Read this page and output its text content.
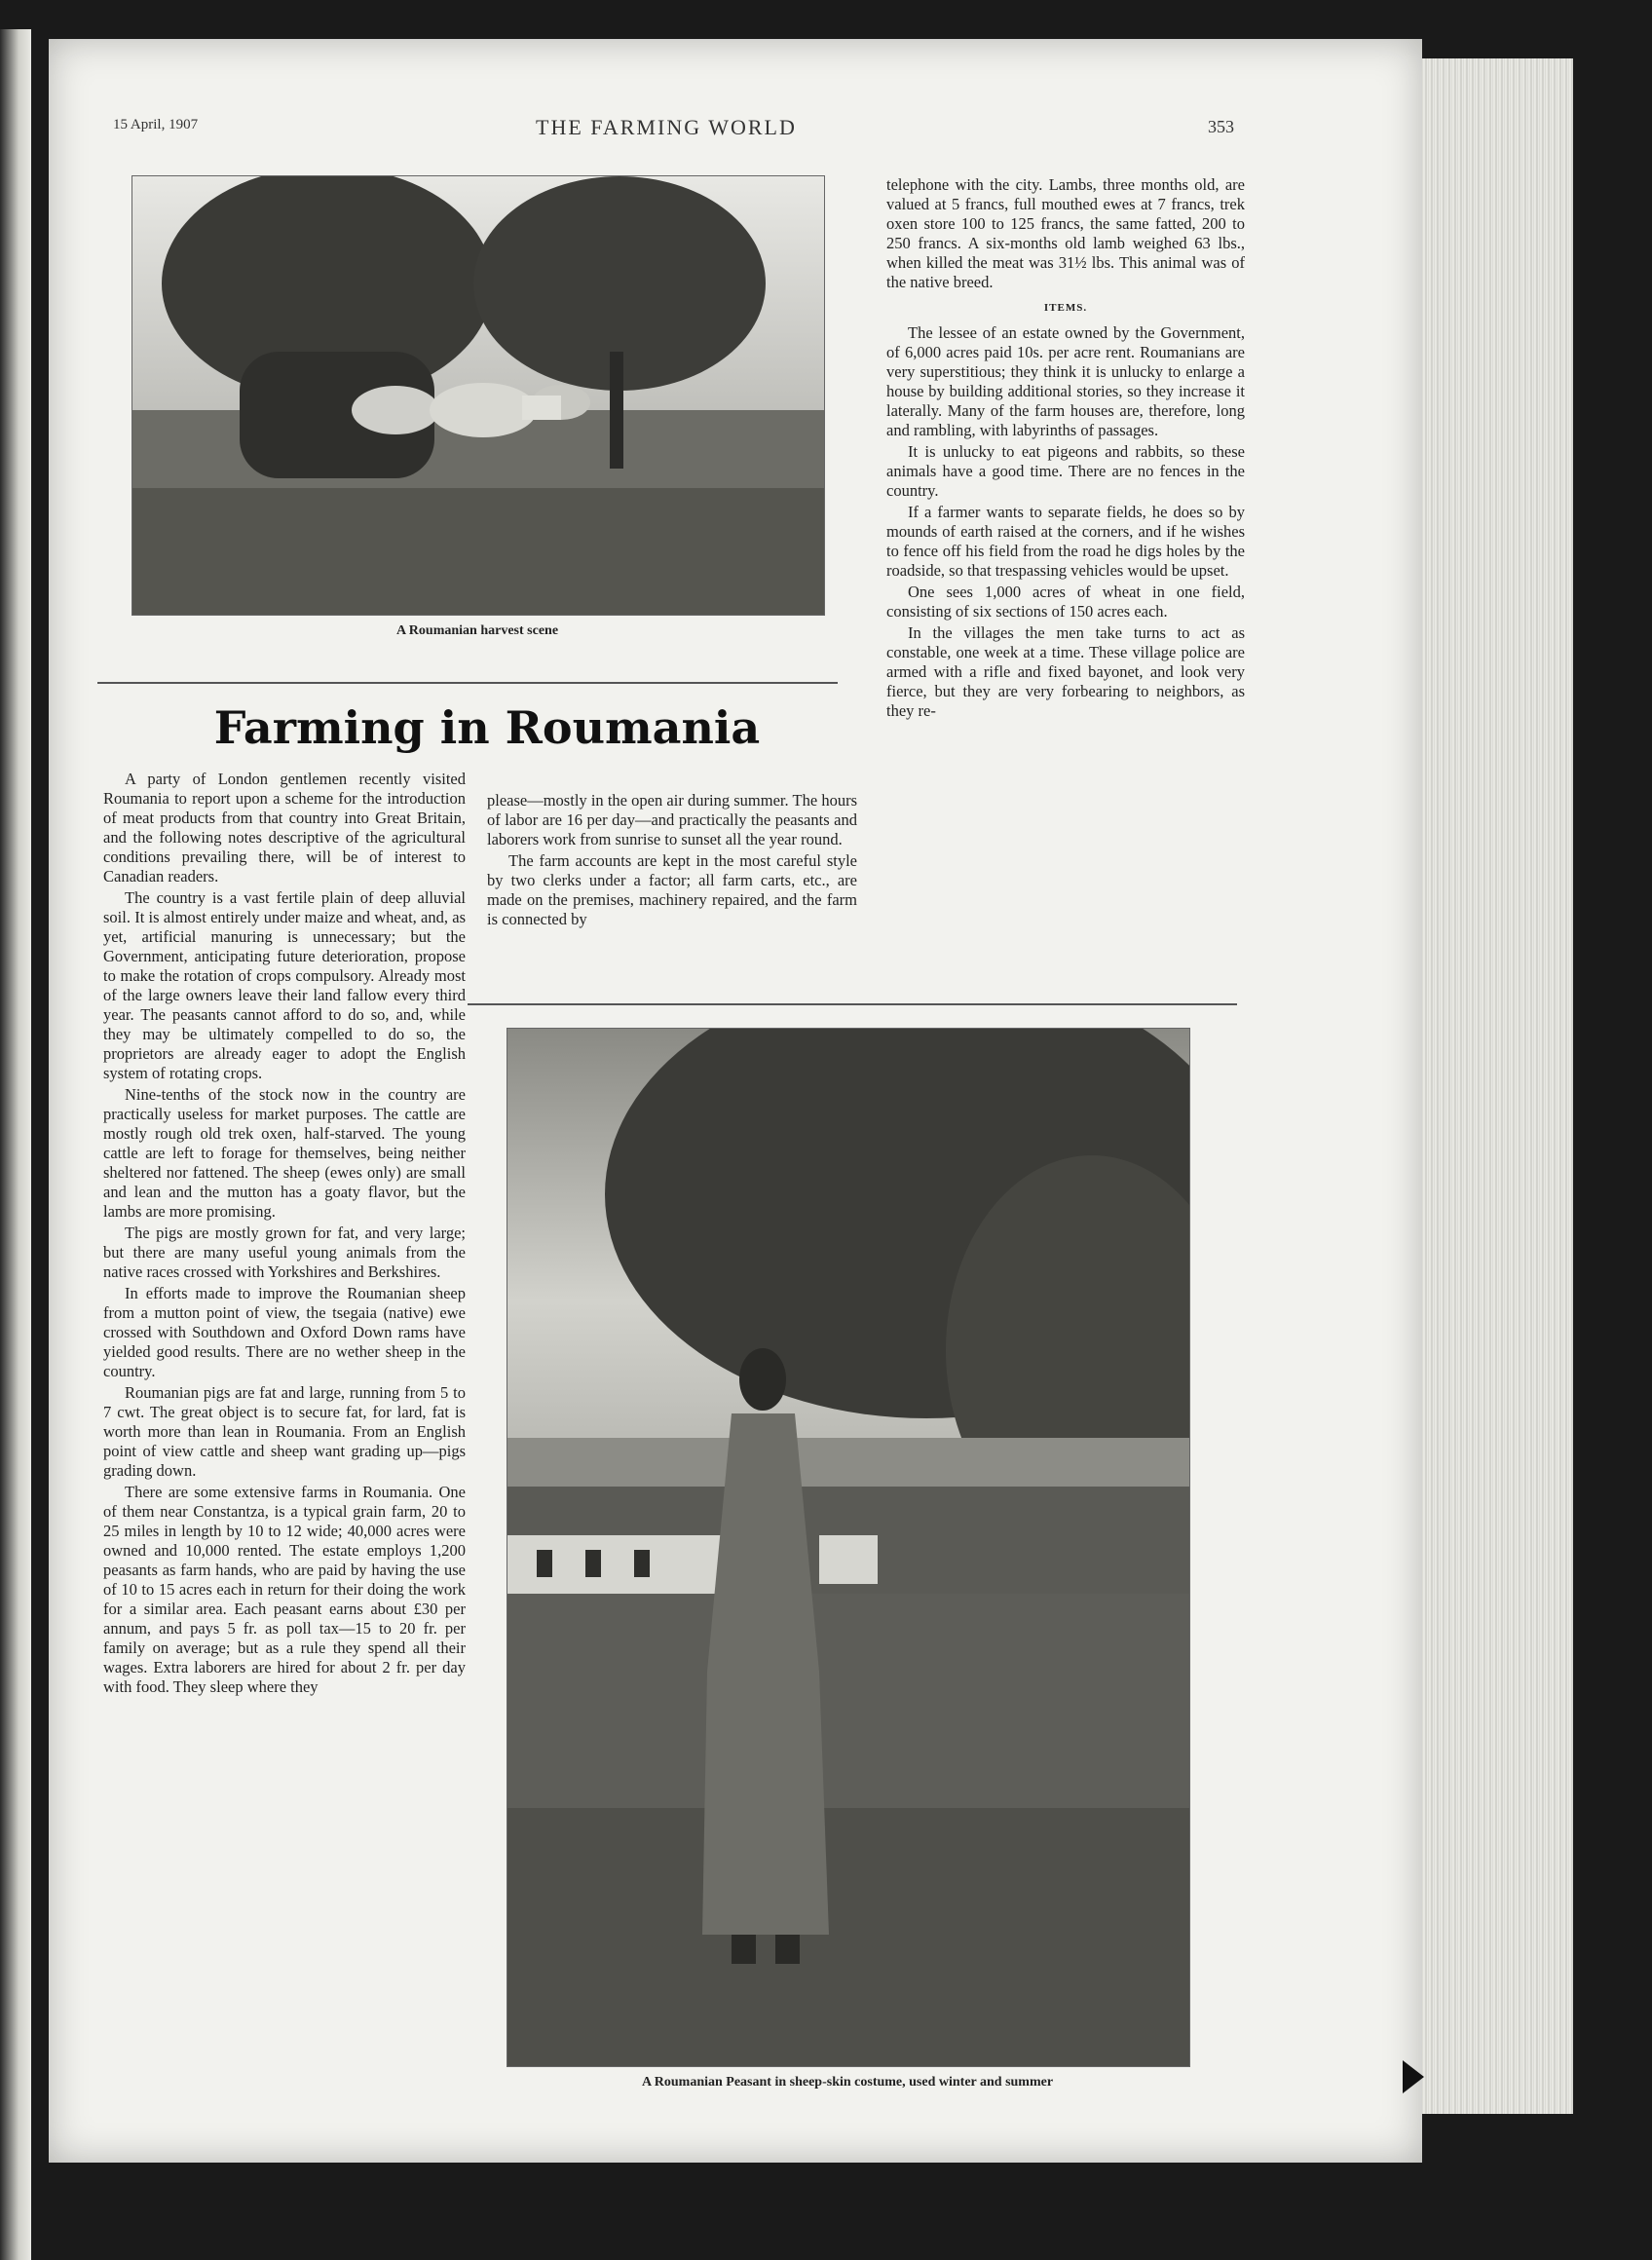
15 April, 1907	THE FARMING WORLD	353
A Roumanian harvest scene
Farming in Roumania

A party of London gentlemen recently visited Roumania to report upon a scheme for the introduction of meat products from that country into Great Britain, and the following notes descriptive of the agricultural conditions prevailing there, will be of interest to Canadian readers.

The country is a vast fertile plain of deep alluvial soil. It is almost entirely under maize and wheat, and, as yet, artificial manuring is unnecessary; but the Government, anticipating future deterioration, propose to make the rotation of crops compulsory. Already most of the large owners leave their land fallow every third year. The peasants cannot afford to do so, and, while they may be ultimately compelled to do so, the proprietors are already eager to adopt the English system of rotating crops.

Nine-tenths of the stock now in the country are practically useless for market purposes. The cattle are mostly rough old trek oxen, half-starved. The young cattle are left to forage for themselves, being neither sheltered nor fattened. The sheep (ewes only) are small and lean and the mutton has a goaty flavor, but the lambs are more promising.

The pigs are mostly grown for fat, and very large; but there are many useful young animals from the native races crossed with Yorkshires and Berkshires.

In efforts made to improve the Roumanian sheep from a mutton point of view, the tsegaia (native) ewe crossed with Southdown and Oxford Down rams have yielded good results. There are no wether sheep in the country.

Roumanian pigs are fat and large, running from 5 to 7 cwt. The great object is to secure fat, for lard, fat is worth more than lean in Roumania. From an English point of view cattle and sheep want grading up—pigs grading down.

There are some extensive farms in Roumania. One of them near Constantza, is a typical grain farm, 20 to 25 miles in length by 10 to 12 wide; 40,000 acres were owned and 10,000 rented. The estate employs 1,200 peasants as farm hands, who are paid by having the use of 10 to 15 acres each in return for their doing the work for a similar area. Each peasant earns about £30 per annum, and pays 5 fr. as poll tax—15 to 20 fr. per family on average; but as a rule they spend all their wages. Extra laborers are hired for about 2 fr. per day with food. They sleep where they

please—mostly in the open air during summer. The hours of labor are 16 per day—and practically the peasants and laborers work from sunrise to sunset all the year round.

The farm accounts are kept in the most careful style by two clerks under a factor; all farm carts, etc., are made on the premises, machinery repaired, and the farm is connected by

telephone with the city. Lambs, three months old, are valued at 5 francs, full mouthed ewes at 7 francs, trek oxen store 100 to 125 francs, the same fatted, 200 to 250 francs. A six-months old lamb weighed 63 lbs., when killed the meat was 31½ lbs. This animal was of the native breed.

ITEMS.

The lessee of an estate owned by the Government, of 6,000 acres paid 10s. per acre rent. Roumanians are very superstitious; they think it is unlucky to enlarge a house by building additional stories, so they increase it laterally. Many of the farm houses are, therefore, long and rambling, with labyrinths of passages.

It is unlucky to eat pigeons and rabbits, so these animals have a good time. There are no fences in the country.

If a farmer wants to separate fields, he does so by mounds of earth raised at the corners, and if he wishes to fence off his field from the road he digs holes by the roadside, so that trespassing vehicles would be upset.

One sees 1,000 acres of wheat in one field, consisting of six sections of 150 acres each.

In the villages the men take turns to act as constable, one week at a time. These village police are armed with a rifle and fixed bayonet, and look very fierce, but they are very forbearing to neighbors, as they re-

A Roumanian Peasant in sheep-skin costume, used winter and summer
